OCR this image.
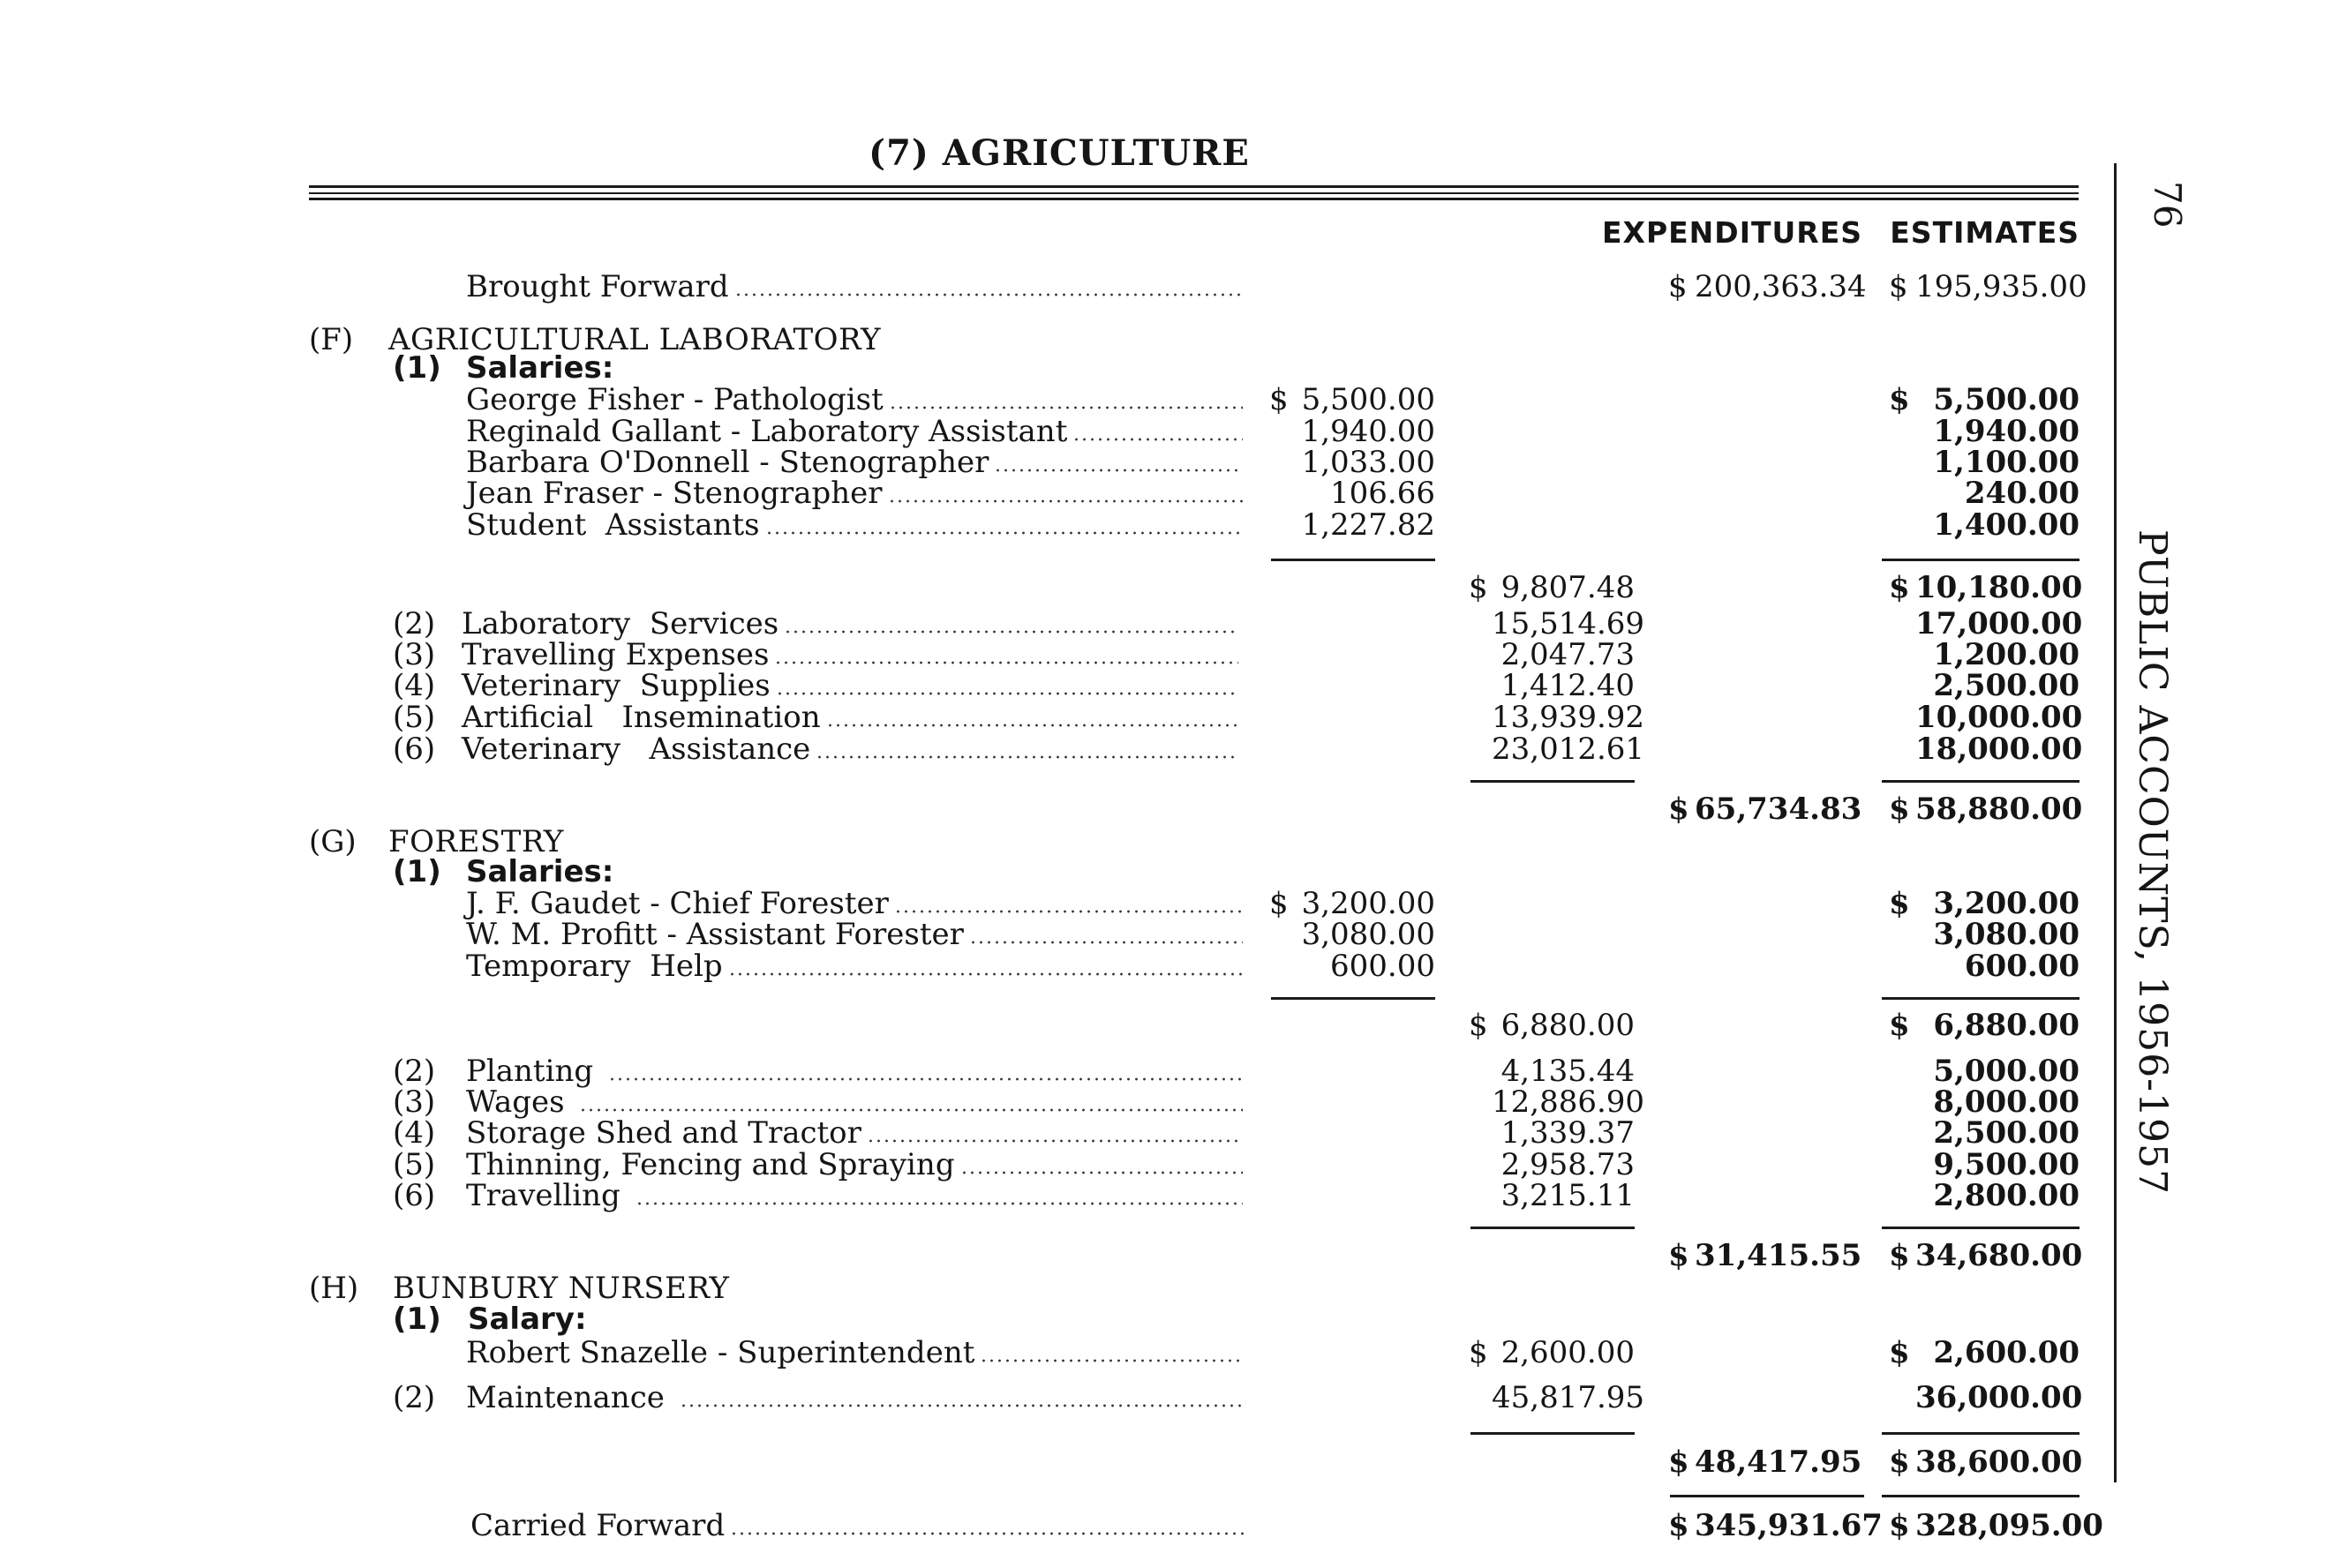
(7) AGRICULTURE
EXPENDITURES ESTIMATES
Brought Forward	$ 200,363.34 $ 195,935.00
(F) AGRICULTURAL LABORATORY
(1) Salaries:
George Fisher - Pathologist	$ 5,500.00	$ 5,500.00
Reginald Gallant - Laboratory Assistant	1,940.00	1,940.00
Barbara O'Donnell - Stenographer	1,033.00	1,100.00
Jean Fraser - Stenographer	106.66	240.00
Student  Assistants	1,227.82	1,400.00
$ 9,807.48	$ 10,180.00
(2) Laboratory  Services	15,514.69	17,000.00
(3) Travelling Expenses	2,047.73	1,200.00
(4) Veterinary  Supplies	1,412.40	2,500.00
(5) Artificial   Insemination	13,939.92	10,000.00
(6) Veterinary   Assistance	23,012.61	18,000.00
$ 65,734.83 $ 58,880.00
(G) FORESTRY
(1) Salaries:
J. F. Gaudet - Chief Forester	$ 3,200.00	$ 3,200.00
W. M. Profitt - Assistant Forester	3,080.00	3,080.00
Temporary  Help	600.00	600.00
$ 6,880.00	$ 6,880.00
(2)	Planting	4,135.44	5,000.00
(3)	Wages	12,886.90	8,000.00
(4)	Storage Shed and Tractor	1,339.37	2,500.00
(5)	Thinning, Fencing and Spraying	2,958.73	9,500.00
(6)	Travelling	3,215.11	2,800.00
$ 31,415.55 $ 34,680.00
(H) BUNBURY NURSERY
(1) Salary:
Robert Snazelle - Superintendent	$ 2,600.00	$ 2,600.00
(2)	Maintenance	45,817.95	36,000.00
$ 48,417.95 $ 38,600.00
Carried Forward	$ 345,931.67 $ 328,095.00
76
PUBLIC ACCOUNTS, 1956-1957
